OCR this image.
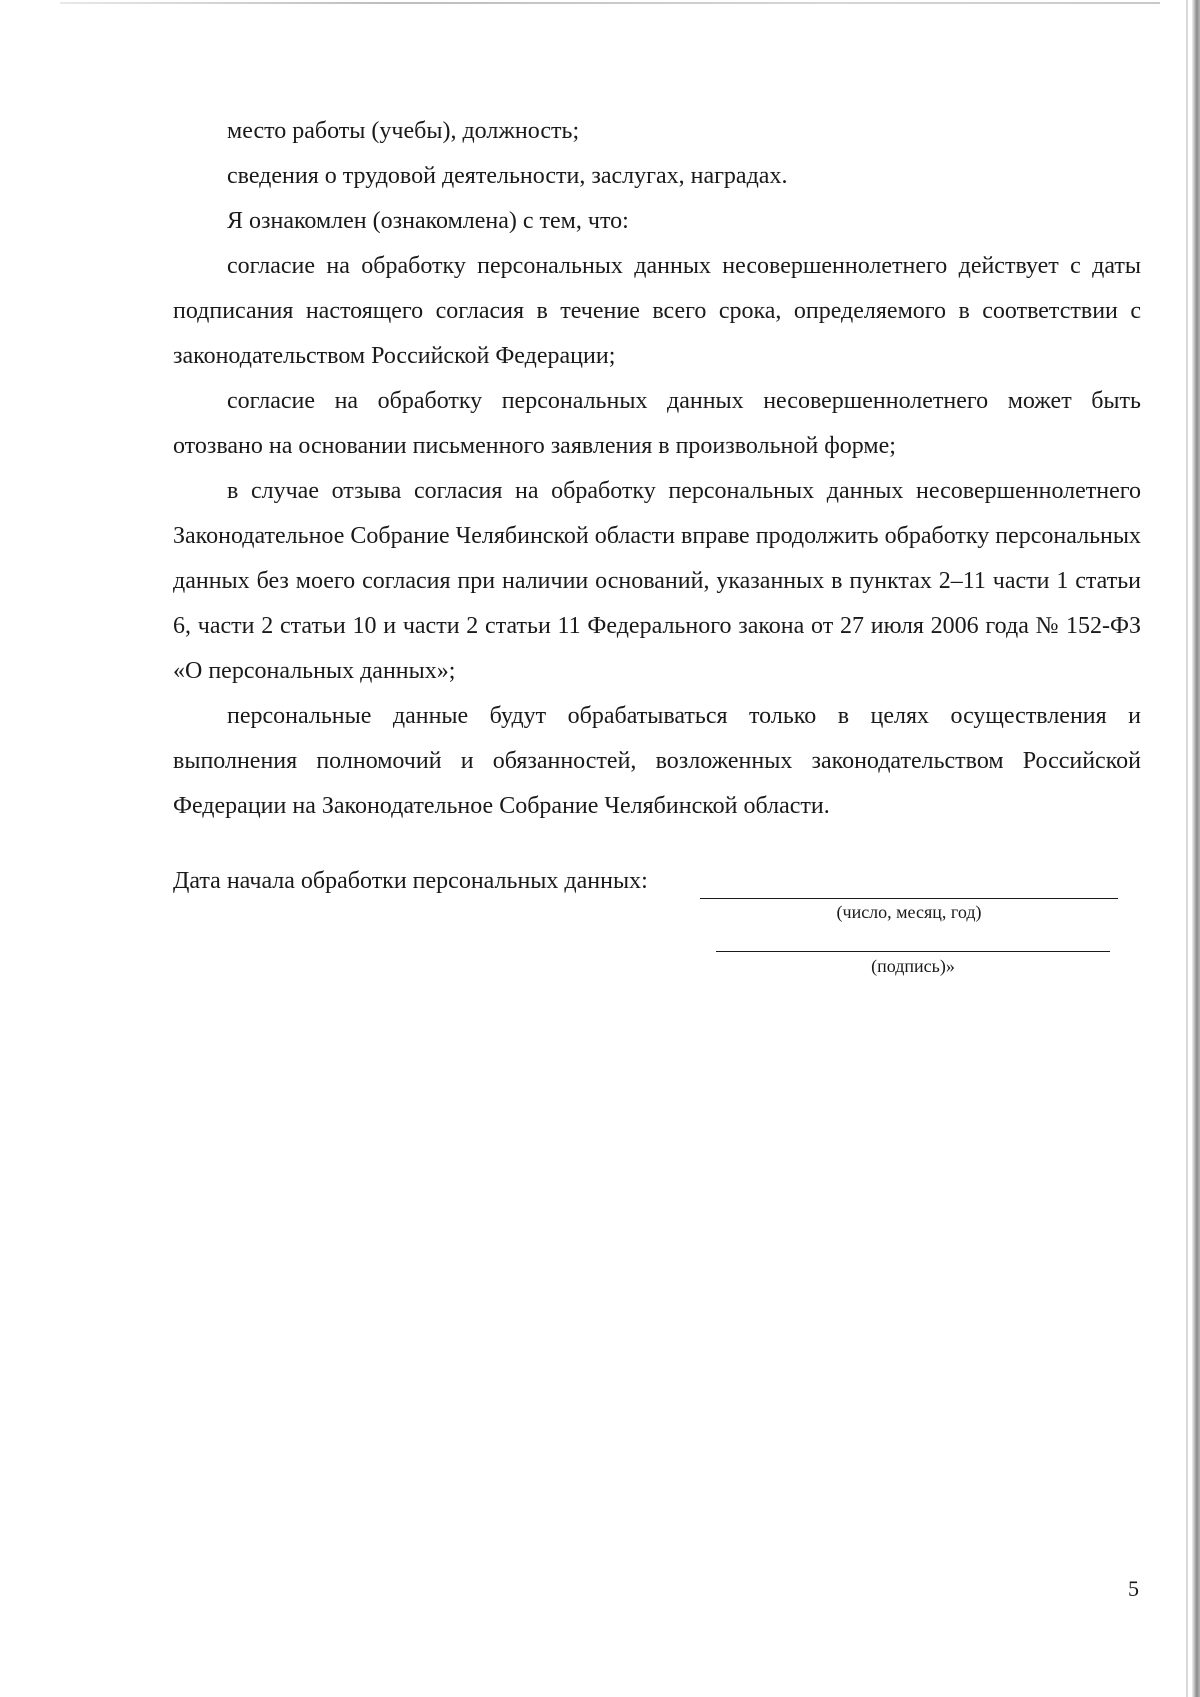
место работы (учебы), должность;

сведения о трудовой деятельности, заслугах, наградах.

Я ознакомлен (ознакомлена) с тем, что:

согласие на обработку персональных данных несовершеннолетнего действует с даты подписания настоящего согласия в течение всего срока, определяемого в соответствии с законодательством Российской Федерации;

согласие на обработку персональных данных несовершеннолетнего может быть отозвано на основании письменного заявления в произвольной форме;

в случае отзыва согласия на обработку персональных данных несовершеннолетнего Законодательное Собрание Челябинской области вправе продолжить обработку персональных данных без моего согласия при наличии оснований, указанных в пунктах 2–11 части 1 статьи 6, части 2 статьи 10 и части 2 статьи 11 Федерального закона от 27 июля 2006 года № 152-ФЗ «О персональных данных»;

персональные данные будут обрабатываться только в целях осуществления и выполнения полномочий и обязанностей, возложенных законодательством Российской Федерации на Законодательное Собрание Челябинской области.

Дата начала обработки персональных данных:
(число, месяц, год)
(подпись)»
5
